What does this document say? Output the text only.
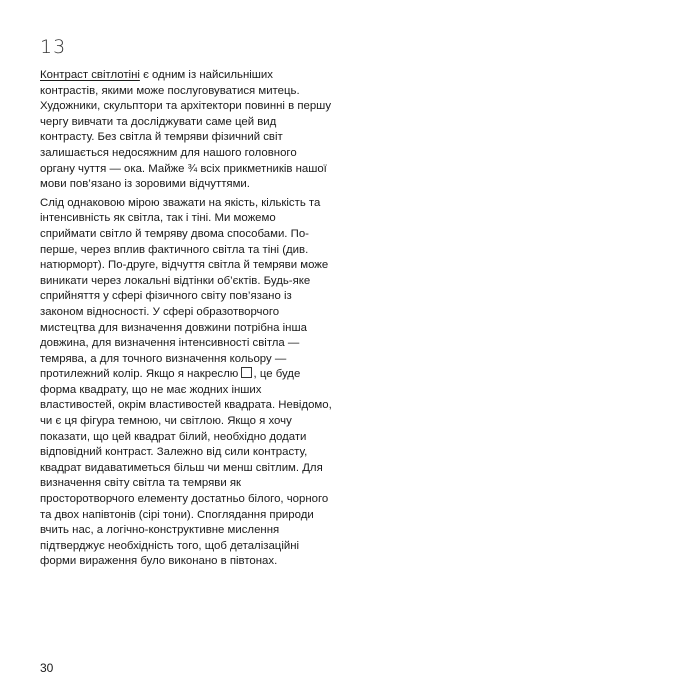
13

Контраст світлотіні є одним із найсильніших контрастів, якими може послуговуватися митець. Художники, скульптори та архітектори повинні в першу чергу вивчати та досліджувати саме цей вид контрасту. Без світла й темряви фізичний світ залишається недосяжним для нашого головного органу чуття — ока. Майже ¾ всіх прикметників нашої мови пов’язано із зоровими відчуттями.

Слід однаковою мірою зважати на якість, кількість та інтенсивність як світла, так і тіні. Ми можемо сприймати світло й темряву двома способами. По-перше, через вплив фактичного світла та тіні (див. натюрморт). По-друге, відчуття світла й темряви може виникати через локальні відтінки об’єктів. Будь-яке сприйняття у сфері фізичного світу пов’язано із законом відносності. У сфері образотворчого мистецтва для визначення довжини потрібна інша довжина, для визначення інтенсивності світла — темрява, а для точного визначення кольору — протилежний колір. Якщо я накреслю , це буде форма квадрату, що не має жодних інших властивостей, окрім властивостей квадрата. Невідомо, чи є ця фігура темною, чи світлою. Якщо я хочу показати, що цей квадрат білий, необхідно додати відповідний контраст. Залежно від сили контрасту, квадрат видаватиметься більш чи менш світлим. Для визначення світу світла та темряви як просторотворчого елементу достатньо білого, чорного та двох напівтонів (сірі тони). Споглядання природи вчить нас, а логічно-конструктивне мислення підтверджує необхідність того, щоб деталізаційні форми вираження було виконано в півтонах.

30
